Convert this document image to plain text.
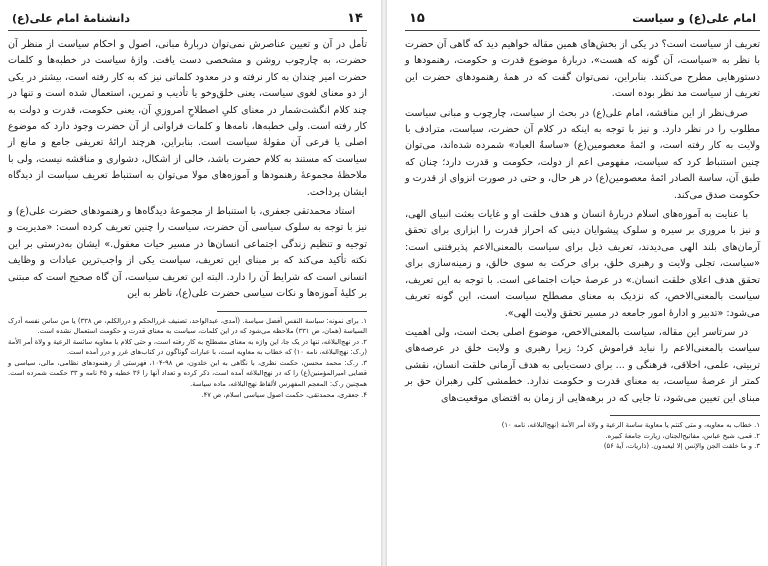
۱۴
دانشنامهٔ امام علی(ع)

تأمل در آن و تعیین عناصرش نمی‌توان دربارهٔ مبانی، اصول و احکام سیاست از منظر آن حضرت، به چارچوب روشن و مشخصی دست یافت. واژهٔ سیاست در خطبه‌ها و کلمات حضرت امیر چندان به کار نرفته و در معدود کلماتی نیز که به کار رفته است، بیشتر در یکی از دو معنای لغوی سیاست، یعنی خلق‌وخو یا تأدیب و تمرین، استعمال شده است و تنها در چند کلام انگشت‌شمار در معنای کلیِ اصطلاحِ امروزیِ آن، یعنی حکومت، قدرت و دولت به کار رفته است. ولی خطبه‌ها، نامه‌ها و کلمات فراوانی از آن حضرت وجود دارد که موضوع اصلی یا فرعی آن مقولهٔ سیاست است. بنابراین، هرچند ارائهٔ تعریفی جامع و مانع از سیاست که مستند به کلام حضرت باشد، خالی از اشکال، دشواری و مناقشه نیست، ولی با ملاحظهٔ مجموعهٔ رهنمودها و آموزه‌های مولا می‌توان به استنباط تعریف سیاست از دیدگاه ایشان پرداخت.

استاد محمدتقی جعفری، با استنباط از مجموعهٔ دیدگاه‌ها و رهنمودهای حضرت علی(ع) و نیز با توجه به سلوک سیاسی آن حضرت، سیاست را چنین تعریف کرده است: «مدیریت و توجیه و تنظیم زندگی اجتماعی انسان‌ها در مسیر حیات معقول.» ایشان به‌درستی بر این نکته تأکید می‌کند که بر مبنای این تعریف، سیاست یکی از واجب‌ترین عبادات و وظایف انسانی است که شرایط آن را دارد. البته این تعریف سیاست، آن گاه صحیح است که مبتنی بر کلیهٔ آموزه‌ها و نکات سیاسی حضرت علی(ع)، ناظر به این

۱. برای نمونه: سیاسة النفس أفضل سیاسة. (آمدی، عبدالواحد، تصنیف غررالحکم و دررالکلم، ص ۳۳۸) یا من ساس نفسه أدرک السیاسة (همان، ص ۳۳۱) ملاحظه می‌شود که در این کلمات، سیاست به معنای قدرت و حکومت استعمال نشده است.

۲. در نهج‌البلاغه، تنها در یک جا، این واژه به معنای مصطلح به کار رفته است، و حتی کلام با معاویه سائسة الرعیة و ولاة أمر الأمة (ر.ک: نهج‌البلاغه، نامه ۱۰) که خطاب به معاویه است، با عبارات گوناگون در کتاب‌های غرر و درر آمده است.

۳. ر.ک: محمد محسن، حکمت نظری، با نگاهی به ابن خلدون، ص ۹۸-۱۰۴، فهرستی از رهنمودهای نظامی، مالی، سیاسی و قضایی امیرالمؤمنین(ع) را که در نهج‌البلاغه آمده است، ذکر کرده و تعداد آنها را ۳۶ خطبه و ۴۵ نامه و ۳۳ حکمت شمرده است. همچنین ر.ک: المعجم المفهرس لألفاظ نهج‌البلاغه، ماده سیاسة.

۴. جعفری، محمدتقی، حکمت اصول سیاسی اسلام، ص ۴۷.

امام علی(ع) و سیاست
۱۵

تعریف از سیاست است؟ در یکی از بخش‌های همین مقاله خواهیم دید که گاهی آن حضرت با نظر به «سیاست، آن گونه که هست»، دربارهٔ موضوع قدرت و حکومت، رهنمودها و دستورهایی مطرح می‌کنند. بنابراین، نمی‌توان گفت که در همهٔ رهنمودهای حضرت این تعریف از سیاست مد نظر بوده است.

صرف‌نظر از این مناقشه، امام علی(ع) در بحث از سیاست، چارچوب و مبانی سیاست مطلوب را در نظر دارد. و نیز با توجه به اینکه در کلام آن حضرت، سیاست، مترادف با ولایت به کار رفته است، و ائمهٔ معصومین(ع) «ساسةُ العباد» شمرده شده‌اند، می‌توان چنین استنباط کرد که سیاست، مفهومی اعم از دولت، حکومت و قدرت دارد؛ چنان که طبق آن، ساسة الصادر ائمهٔ معصومین(ع) در هر حال، و حتی در صورت انزوای از قدرت و حکومت صدق می‌کند.

با عنایت به آموزه‌های اسلام دربارهٔ انسان و هدف خلقت او و غایات بعثت انبیای الهی، و نیز با مروری بر سیره و سلوک پیشوایان دینی که احراز قدرت را ابزاری برای تحقق آرمان‌های بلند الهی می‌دیدند، تعریف ذیل برای سیاست بالمعنی‌الاعم پذیرفتنی است: «سیاست، تجلی ولایت و رهبری خلق، برای حرکت به سوی خالق، و زمینه‌سازی برای تحقق هدف اعلای خلقت انسان.» در عرصهٔ حیات اجتماعی است. با توجه به این تعریف، سیاست بالمعنی‌الاخص، که نزدیک به معنای مصطلح سیاست است، این گونه تعریف می‌شود: «تدبیر و ادارهٔ امور جامعه در مسیر تحقق ولایت الهی».

در سرتاسر این مقاله، سیاست بالمعنی‌الاخص، موضوع اصلی بحث است، ولی اهمیت سیاست بالمعنی‌الاعم را نباید فراموش کرد؛ زیرا رهبری و ولایت خلق در عرصه‌های تربیتی، علمی، اخلاقی، فرهنگی و ... برای دست‌یابی به هدف آرمانی خلقت انسان، نقشی کمتر از عرصهٔ سیاست، به معنای قدرت و حکومت ندارد. خطمشی کلی رهبران حق بر مبنای این تعیین می‌شود، تا جایی که در برهه‌هایی از زمان به اقتضای موقعیت‌های

۱. خطاب به معاویه، و متی کنتم یا معاویة ساسة الرعیة و ولاة أمر الأمة (نهج‌البلاغه، نامه ۱۰)

۲. قمی، شیخ عباس، مفاتیح‌الجنان، زیارت جامعهٔ کبیره.

۳. و ما خلقت الجن والإنس إلا لیعبدون. (ذاریات، آیهٔ ۵۶)
